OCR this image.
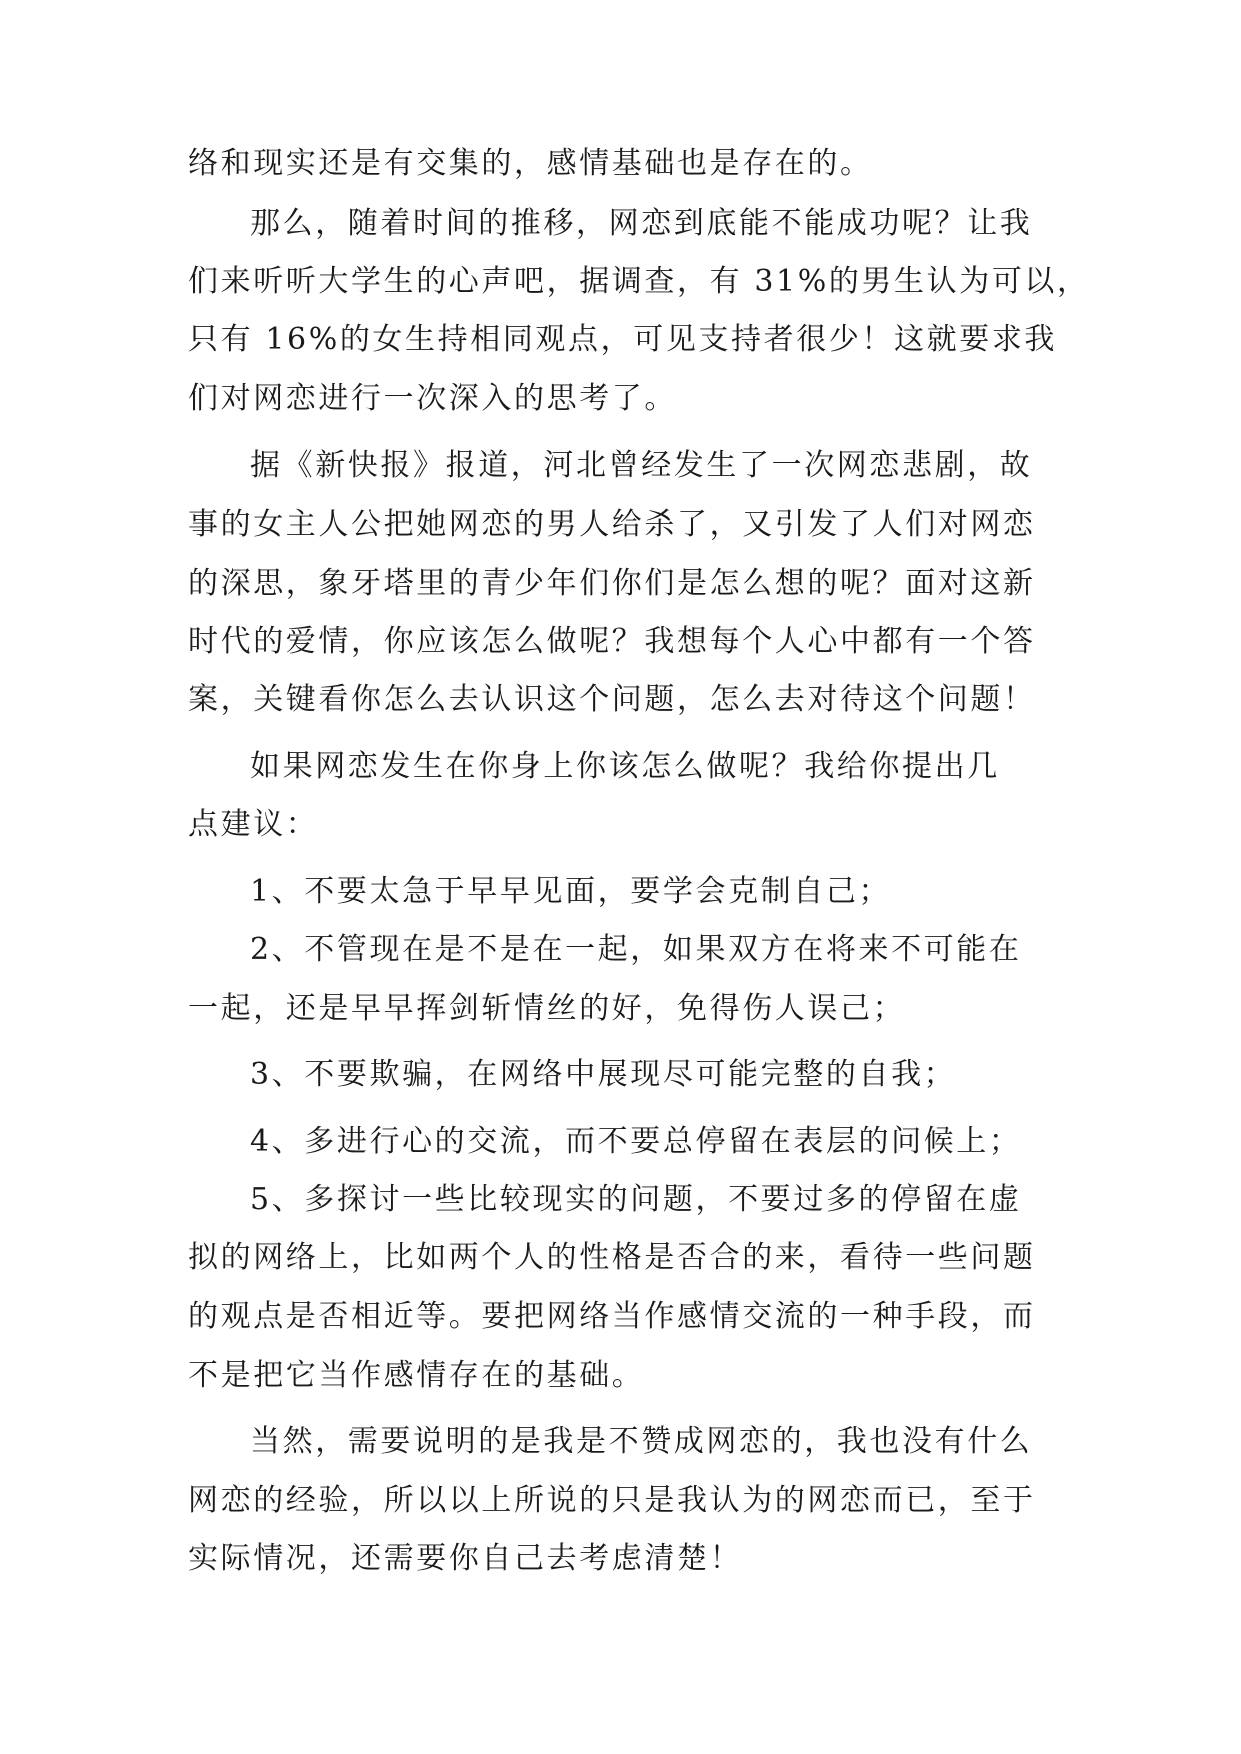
络和现实还是有交集的，感情基础也是存在的。
那么，随着时间的推移，网恋到底能不能成功呢？让我
们来听听大学生的心声吧，据调查，有 31%的男生认为可以，
只有 16%的女生持相同观点，可见支持者很少！这就要求我
们对网恋进行一次深入的思考了。
据《新快报》报道，河北曾经发生了一次网恋悲剧，故
事的女主人公把她网恋的男人给杀了，又引发了人们对网恋
的深思，象牙塔里的青少年们你们是怎么想的呢？面对这新
时代的爱情，你应该怎么做呢？我想每个人心中都有一个答
案，关键看你怎么去认识这个问题，怎么去对待这个问题！
如果网恋发生在你身上你该怎么做呢？我给你提出几
点建议：
1、不要太急于早早见面，要学会克制自己；
2、不管现在是不是在一起，如果双方在将来不可能在
一起，还是早早挥剑斩情丝的好，免得伤人误己；
3、不要欺骗，在网络中展现尽可能完整的自我；
4、多进行心的交流，而不要总停留在表层的问候上；
5、多探讨一些比较现实的问题，不要过多的停留在虚
拟的网络上，比如两个人的性格是否合的来，看待一些问题
的观点是否相近等。要把网络当作感情交流的一种手段，而
不是把它当作感情存在的基础。
当然，需要说明的是我是不赞成网恋的，我也没有什么
网恋的经验，所以以上所说的只是我认为的网恋而已，至于
实际情况，还需要你自己去考虑清楚！
